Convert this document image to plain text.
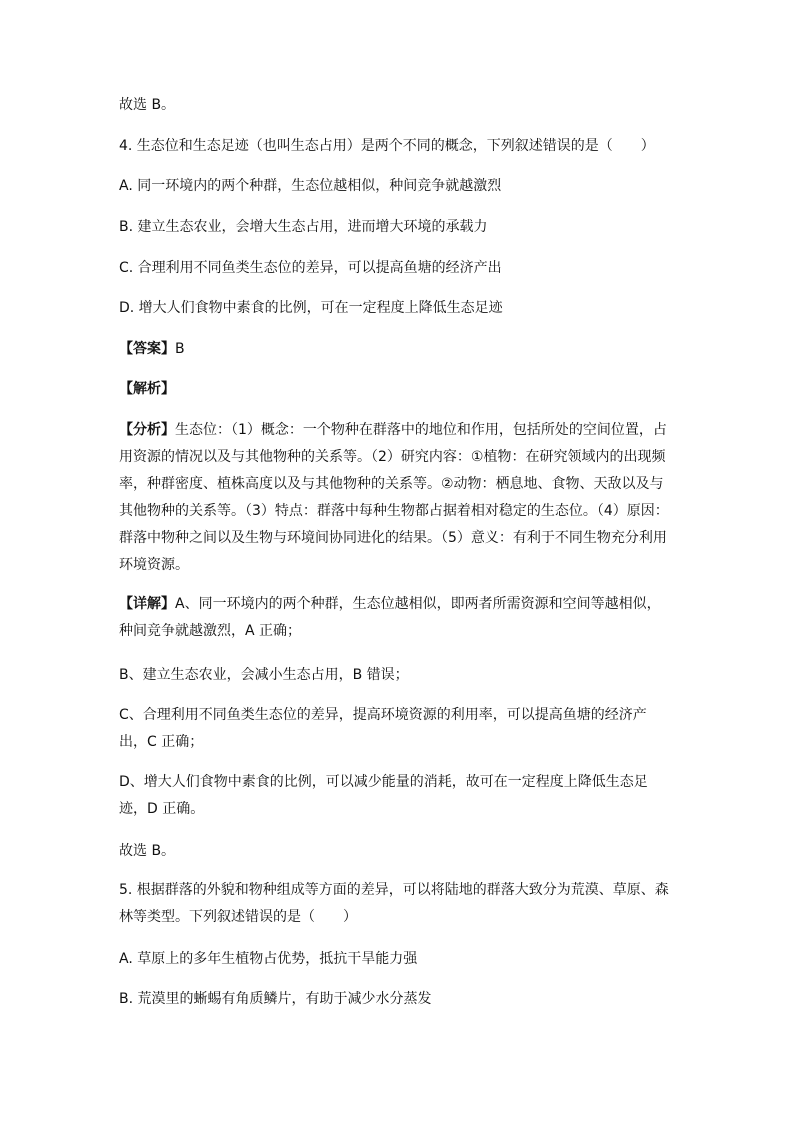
故选 B。
4. 生态位和生态足迹（也叫生态占用）是两个不同的概念，下列叙述错误的是（　　）
A. 同一环境内的两个种群，生态位越相似，种间竞争就越激烈
B. 建立生态农业，会增大生态占用，进而增大环境的承载力
C. 合理利用不同鱼类生态位的差异，可以提高鱼塘的经济产出
D. 增大人们食物中素食的比例，可在一定程度上降低生态足迹
【答案】B
【解析】
【分析】生态位：（1）概念：一个物种在群落中的地位和作用，包括所处的空间位置，占
用资源的情况以及与其他物种的关系等。（2）研究内容：①植物：在研究领域内的出现频
率，种群密度、植株高度以及与其他物种的关系等。②动物：栖息地、食物、天敌以及与
其他物种的关系等。（3）特点：群落中每种生物都占据着相对稳定的生态位。（4）原因：
群落中物种之间以及生物与环境间协同进化的结果。（5）意义：有利于不同生物充分利用
环境资源。
【详解】A、同一环境内的两个种群，生态位越相似，即两者所需资源和空间等越相似，
种间竞争就越激烈，A 正确；
B、建立生态农业，会减小生态占用，B 错误；
C、合理利用不同鱼类生态位的差异，提高环境资源的利用率，可以提高鱼塘的经济产
出，C 正确；
D、增大人们食物中素食的比例，可以减少能量的消耗，故可在一定程度上降低生态足
迹，D 正确。
故选 B。
5. 根据群落的外貌和物种组成等方面的差异，可以将陆地的群落大致分为荒漠、草原、森
林等类型。下列叙述错误的是（　　）
A. 草原上的多年生植物占优势，抵抗干旱能力强
B. 荒漠里的蜥蜴有角质鳞片，有助于减少水分蒸发
